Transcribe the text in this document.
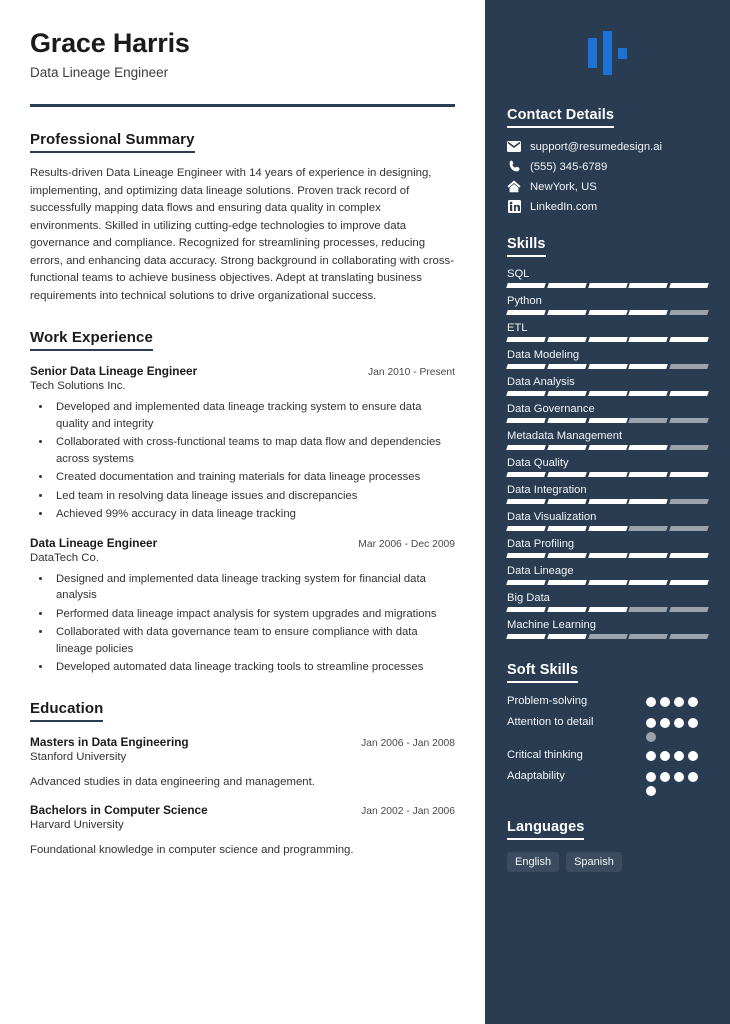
Grace Harris
Data Lineage Engineer
Professional Summary
Results-driven Data Lineage Engineer with 14 years of experience in designing, implementing, and optimizing data lineage solutions. Proven track record of successfully mapping data flows and ensuring data quality in complex environments. Skilled in utilizing cutting-edge technologies to improve data governance and compliance. Recognized for streamlining processes, reducing errors, and enhancing data accuracy. Strong background in collaborating with cross-functional teams to achieve business objectives. Adept at translating business requirements into technical solutions to drive organizational success.
Work Experience
Senior Data Lineage Engineer	Jan 2010 - Present
Tech Solutions Inc.
• Developed and implemented data lineage tracking system to ensure data quality and integrity
• Collaborated with cross-functional teams to map data flow and dependencies across systems
• Created documentation and training materials for data lineage processes
• Led team in resolving data lineage issues and discrepancies
• Achieved 99% accuracy in data lineage tracking
Data Lineage Engineer	Mar 2006 - Dec 2009
DataTech Co.
• Designed and implemented data lineage tracking system for financial data analysis
• Performed data lineage impact analysis for system upgrades and migrations
• Collaborated with data governance team to ensure compliance with data lineage policies
• Developed automated data lineage tracking tools to streamline processes
Education
Masters in Data Engineering	Jan 2006 - Jan 2008
Stanford University
Advanced studies in data engineering and management.
Bachelors in Computer Science	Jan 2002 - Jan 2006
Harvard University
Foundational knowledge in computer science and programming.
Contact Details
support@resumedesign.ai
(555) 345-6789
NewYork, US
LinkedIn.com
Skills
SQL
Python
ETL
Data Modeling
Data Analysis
Data Governance
Metadata Management
Data Quality
Data Integration
Data Visualization
Data Profiling
Data Lineage
Big Data
Machine Learning
Soft Skills
Problem-solving
Attention to detail
Critical thinking
Adaptability
Languages
English	Spanish
